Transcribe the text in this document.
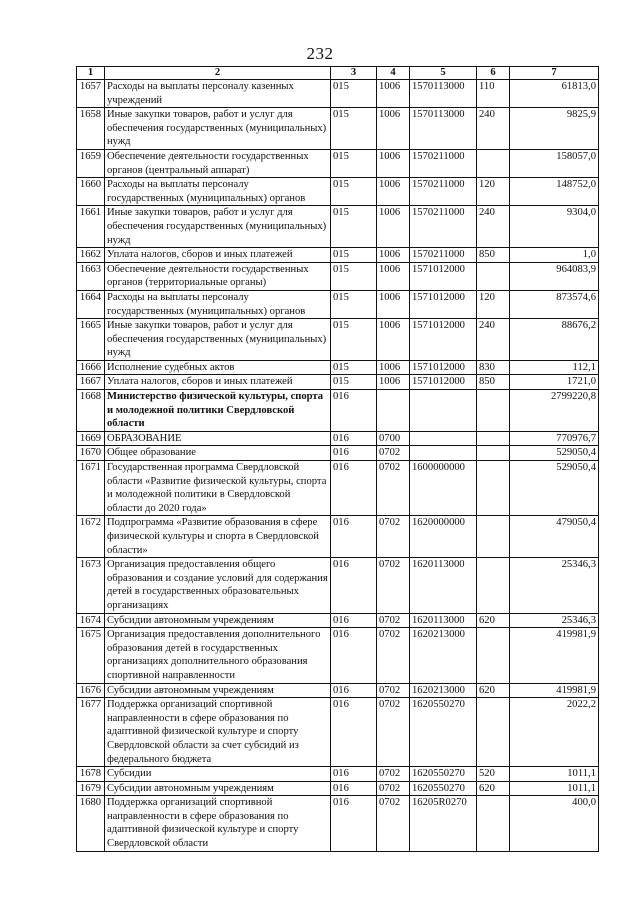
232
1	2	3	4	5	6	7
1657	Расходы на выплаты персоналу казенных учреждений	015	1006	1570113000	110	61813,0
1658	Иные закупки товаров, работ и услуг для обеспечения государственных (муниципальных) нужд	015	1006	1570113000	240	9825,9
1659	Обеспечение деятельности государственных органов (центральный аппарат)	015	1006	1570211000		158057,0
1660	Расходы на выплаты персоналу государственных (муниципальных) органов	015	1006	1570211000	120	148752,0
1661	Иные закупки товаров, работ и услуг для обеспечения государственных (муниципальных) нужд	015	1006	1570211000	240	9304,0
1662	Уплата налогов, сборов и иных платежей	015	1006	1570211000	850	1,0
1663	Обеспечение деятельности государственных органов (территориальные органы)	015	1006	1571012000		964083,9
1664	Расходы на выплаты персоналу государственных (муниципальных) органов	015	1006	1571012000	120	873574,6
1665	Иные закупки товаров, работ и услуг для обеспечения государственных (муниципальных) нужд	015	1006	1571012000	240	88676,2
1666	Исполнение судебных актов	015	1006	1571012000	830	112,1
1667	Уплата налогов, сборов и иных платежей	015	1006	1571012000	850	1721,0
1668	Министерство физической культуры, спорта и молодежной политики Свердловской области	016				2799220,8
1669	ОБРАЗОВАНИЕ	016	0700			770976,7
1670	Общее образование	016	0702			529050,4
1671	Государственная программа Свердловской области «Развитие физической культуры, спорта и молодежной политики в Свердловской области до 2020 года»	016	0702	1600000000		529050,4
1672	Подпрограмма «Развитие образования в сфере физической культуры и спорта в Свердловской области»	016	0702	1620000000		479050,4
1673	Организация предоставления общего образования и создание условий для содержания детей в государственных образовательных организациях	016	0702	1620113000		25346,3
1674	Субсидии автономным учреждениям	016	0702	1620113000	620	25346,3
1675	Организация предоставления дополнительного образования детей в государственных организациях дополнительного образования спортивной направленности	016	0702	1620213000		419981,9
1676	Субсидии автономным учреждениям	016	0702	1620213000	620	419981,9
1677	Поддержка организаций спортивной направленности в сфере образования по адаптивной физической культуре и спорту Свердловской области за счет субсидий из федерального бюджета	016	0702	1620550270		2022,2
1678	Субсидии	016	0702	1620550270	520	1011,1
1679	Субсидии автономным учреждениям	016	0702	1620550270	620	1011,1
1680	Поддержка организаций спортивной направленности в сфере образования по адаптивной физической культуре и спорту Свердловской области	016	0702	16205R0270		400,0
